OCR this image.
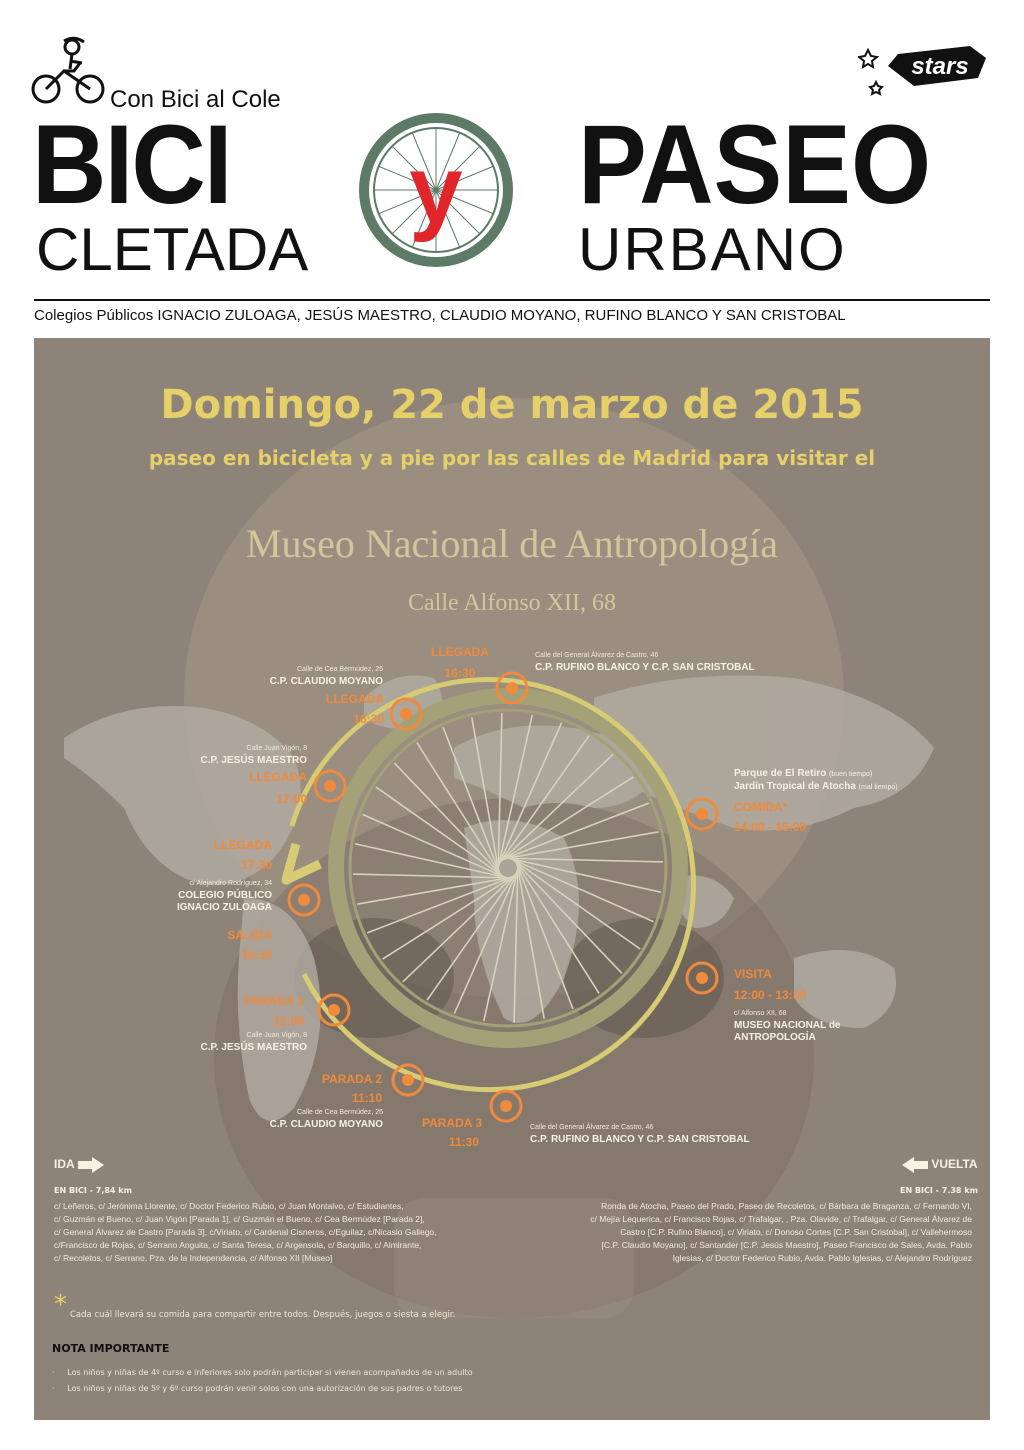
Con Bici al Cole
BICI
CLETADA
y PASEO
URBANO
stars
Colegios Públicos IGNACIO ZULOAGA, JESÚS MAESTRO, CLAUDIO MOYANO, RUFINO BLANCO Y SAN CRISTOBAL
Domingo, 22 de marzo de 2015
paseo en bicicleta y a pie por las calles de Madrid para visitar el
Museo Nacional de Antropología
Calle Alfonso XII, 68
LLEGADA
16:30
Calle del General Álvarez de Castro, 46
C.P. RUFINO BLANCO Y C.P. SAN CRISTOBAL
Calle de Cea Bermúdez, 26
C.P. CLAUDIO MOYANO
LLEGADA
16:30
Calle Juan Vigón, 8
C.P. JESÚS MAESTRO
LLEGADA
17:00
LLEGADA
17:30
c/ Alejandro Rodríguez, 34
COLEGIO PÚBLICO
IGNACIO ZULOAGA
SALIDA
10:30
PARADA 1
11:00
Calle Juan Vigón, 8
C.P. JESÚS MAESTRO
PARADA 2
11:10
Calle de Cea Bermúdez, 26
C.P. CLAUDIO MOYANO	PARADA 3
11:30
Calle del General Álvarez de Castro, 46
C.P. RUFINO BLANCO Y C.P. SAN CRISTOBAL
Parque de El Retiro (buen tiempo)
Jardín Tropical de Atocha (mal tiempo)
COMIDA*
14:00 - 16:00
VISITA
12:00 - 13:30
c/ Alfonso XII, 68
MUSEO NACIONAL de
ANTROPOLOGÍA
IDA
EN BICI - 7,84 km
c/ Leñeros, c/ Jerónima Llorente, c/ Doctor Federico Rubio, c/ Juan Montalvo, c/ Estudiantes,
c/ Guzmán el Bueno, c/ Juan Vigón [Parada 1], c/ Guzmán el Bueno, c/ Cea Bermúdez [Parada 2],
c/ General Álvarez de Castro [Parada 3], c/Viriato, c/ Cardenal Cisneros, c/Eguilaz, c/Nicasio Gallego,
c/Francisco de Rojas, c/ Serrano Anguita, c/ Santa Teresa, c/ Argensola, c/ Barquillo, c/ Almirante,
c/ Recoletos, c/ Serrano, Pza. de la Independencia, c/ Alfonso XII [Museo]
VUELTA
EN BICI - 7.38 km
Ronda de Atocha, Paseo del Prado, Paseo de Recoletos, c/ Bárbara de Braganza, c/ Fernando VI,
c/ Mejía Lequerica, c/ Francisco Rojas, c/ Trafalgar, , Pza. Olavide, c/ Trafalgar, c/ General Álvarez de
Castro [C.P. Rufino Blanco], c/ Viriato, c/ Donoso Cortes [C.P. San Cristobal], c/ Vallehermoso
[C.P. Claudio Moyano], c/ Santander [C.P. Jesús Maestro], Paseo Francisco de Sales, Avda. Pablo
Iglesias, c/ Doctor Federico Rubio, Avda. Pablo Iglesias, c/ Alejandro Rodríguez
* Cada cuál llevará su comida para compartir entre todos. Después, juegos o siesta a elegir.
NOTA IMPORTANTE
·     Los niños y niñas de 4º curso e inferiores solo podrán participar si vienen acompañados de un adulto
·     Los niños y niñas de 5º y 6º curso podrán venir solos con una autorización de sus padres o tutores
